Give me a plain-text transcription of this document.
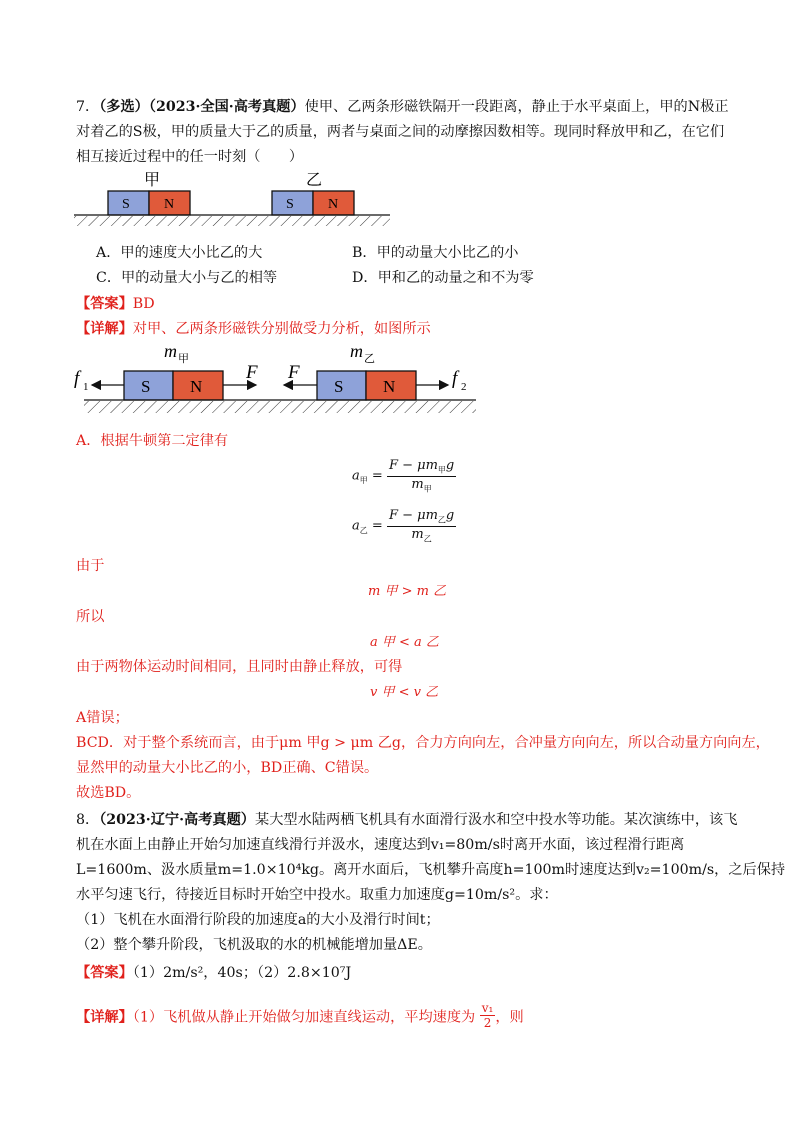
7．（多选）（2023·全国·高考真题）使甲、乙两条形磁铁隔开一段距离，静止于水平桌面上，甲的N极正
对着乙的S极，甲的质量大于乙的质量，两者与桌面之间的动摩擦因数相等。现同时释放甲和乙，在它们
相互接近过程中的任一时刻（　　）
甲	乙
S N	S N
A．甲的速度大小比乙的大	B．甲的动量大小比乙的小
C．甲的动量大小与乙的相等	D．甲和乙的动量之和不为零
【答案】BD
【详解】对甲、乙两条形磁铁分别做受力分析，如图所示
m 甲	m 乙
S N	S N
f 1
F F	f 2
A．根据牛顿第二定律有
$a_甲 = \frac{F - \mu m_甲g}{m_甲}$
$a_乙 = \frac{F - \mu m_乙g}{m_乙}$
由于
m 甲 > m 乙
所以
a 甲 < a 乙
由于两物体运动时间相同，且同时由静止释放，可得
v 甲 < v 乙
A错误；
BCD．对于整个系统而言，由于μm 甲g > μm 乙g，合力方向向左，合冲量方向向左，所以合动量方向向左，
显然甲的动量大小比乙的小，BD正确、C错误。
故选BD。
8．（2023·辽宁·高考真题）某大型水陆两栖飞机具有水面滑行汲水和空中投水等功能。某次演练中，该飞
机在水面上由静止开始匀加速直线滑行并汲水，速度达到v₁=80m/s时离开水面，该过程滑行距离
L=1600m、汲水质量m=1.0×10⁴kg。离开水面后，飞机攀升高度h=100m时速度达到v₂=100m/s，之后保持
水平匀速飞行，待接近目标时开始空中投水。取重力加速度g=10m/s²。求：
（1）飞机在水面滑行阶段的加速度a的大小及滑行时间t；
（2）整个攀升阶段，飞机汲取的水的机械能增加量ΔE。
【答案】（1）2m/s²，40s；（2）2.8×10⁷J
【详解】（1）飞机做从静止开始做匀加速直线运动，平均速度为 $\frac{\text{v₁}}{2}$ ，则
